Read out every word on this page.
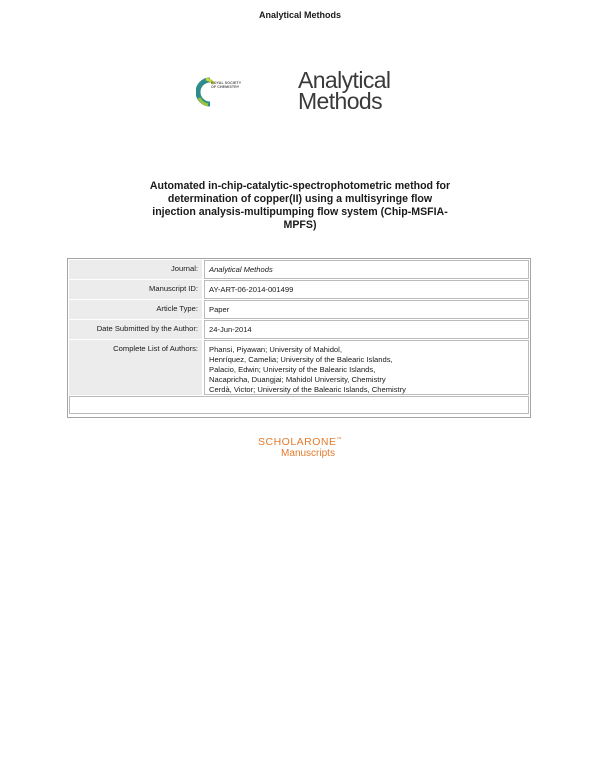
Analytical Methods
ROYAL SOCIETY
OF CHEMISTRY	Analytical
Methods
Automated in-chip-catalytic-spectrophotometric method for
determination of copper(II) using a multisyringe flow
injection analysis-multipumping flow system (Chip-MSFIA-
MPFS)
Journal:	Analytical Methods
Manuscript ID:	AY-ART-06-2014-001499
Article Type:	Paper
Date Submitted by the Author:	24-Jun-2014
Complete List of Authors:	Phansi, Piyawan; University of Mahidol,
Henríquez, Camelia; University of the Balearic Islands,
Palacio, Edwin; University of the Balearic Islands,
Nacapricha, Duangjai; Mahidol University, Chemistry
Cerdà, Victor; University of the Balearic Islands, Chemistry
SCHOLARONE™
Manuscripts
